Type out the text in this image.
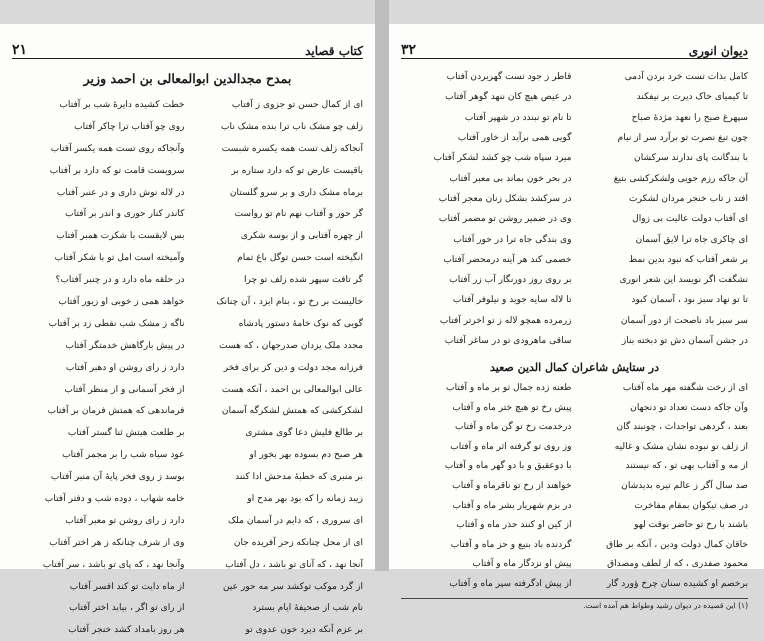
کتاب قصاید
۲۱
بمدح مجدالدین ابوالمعالی بن احمد وزیر
ای از کمال حسن تو جزوی ز آفتاب
خطت کشیده دایرهٔ شب بر آفتاب
زلف چو مشک ناب ترا بنده مشک ناب
روی چو آفتاب ترا چاکر آفتاب
آنجاکه زلف تست همه یکسره شبست
وآنجاکه روی تست همه یکسر آفتاب
باقیست عارض تو که دارد ستاره بر
سرویست قامت تو که دارد بر آفتاب
برماه مشک داری و بر سرو گلستان
در لاله نوش داری و در عنبر آفتاب
گر حور و آفتاب نهم نام تو رواست
کاندر کنار حوری و اندر بر آفتاب
از چهره آفتابی و از بوسه شکری
بس لایقست با شکرت همبر آفتاب
انگیخته است حسن توگل باغ تمام
وآمیخته است امل تو با شکر آفتاب
گر تافت سپهر شده زلف تو چرا
در حلقه ماه دارد و در چنبر آفتاب؟
خالیست بر رخ تو ، بنام ایزد ، آن چنانک
خواهد همی ز خوبی او زیور آفتاب
گویی که نوک خامهٔ دستور پادشاه
ناگه ز مشک شب نقطی زد بر آفتاب
مجدد ملک یزدان صدرجهان ، که هست
در پیش بارگاهش خدمتگر آفتاب
فرزانه مجد دولت و دین کز برای فخر
دارد ز رای روشن او دهبر آفتاب
عالی ابوالمعالی بن احمد ، آنکه هست
از فخر آسمانی و از منظر آفتاب
لشکرکشی که همتش لشکرگه آسمان
فرماندهی که همتش فرمان بر آفتاب
بر طالع فلیش دعا گوی مشتری
بر طلعت هیتش ثنا گستر آفتاب
هر صبح دم بسوده بهر بخور او
عود سیاه شب را بر مجمر آفتاب
بر منبری که خطبهٔ مدحش ادا کنند
بوسد ز روی فخر پایهٔ آن منبر آفتاب
زیبد زمانه را که بود بهر مدح او
خامه شهاب ، دوده شب و دفتر آفتاب
ای سروری ، که دایم در آسمان ملک
دارد ز رای روشن تو معبر آفتاب
ای از محل چنانکه زحر آفریده جان
وی از شرف چنانکه ز هر اختر آفتاب
آنجا نهد ، که آنای تو باشد ، دل آفتاب
وآنجا نهد ، که پای تو باشد ، سر آفتاب
از گرد موکب توکشد سر مه حور عین
از ماه دایت تو کند افسر آفتاب
نام شب از صحیفهٔ ایام بسترد
از رای تو اگر ، بیابد اختر آفتاب
بر عزم آنکه دیرد خون عدوی تو
هر روز بامداد کشد خنجر آفتاب
دیوان انوری
۳۲
کامل بذات تست خرد بردن آدمی
قاطر ز جود تست گهربردن آفتاب
تا کیمیای خاک دیرت بر نیفکند
در عیص هیچ کان ننهد گوهر آفتاب
سپهرغ صبح را نعهد مژدهٔ صباح
تا نام تو نبندد در شهپر آفتاب
چون تیغ نصرت تو برآرد سر از نیام
گویی همی برآید از خاور آفتاب
با بندگانت پای ندارند سرکشان
میرد سپاه شب چو کشد لشکر آفتاب
آن جاکه رزم جویی ولشکرکشی بتیغ
در بحر خون بماند بی معبر آفتاب
افتد ز تاب خنجر مردان لشکرت
در سرکشد بشکل زنان معجر آفتاب
ای آفتاب دولت عالیت بی زوال
وی در ضمیر روشن تو مضمر آفتاب
ای چاکری جاه ترا لایق آسمان
وی بندگی جاه ترا در خور آفتاب
بر شعر آفتاب که نبود بدین نمط
خصمی کند هر آینه درمحضر آفتاب
نشگفت اگر نویسد این شعر انوری
بر روی روز دورنگار آب زر آفتاب
تا تو نهاد سبز بود ، آسمان کبود
تا لاله سایه جوید و نیلوفر آفتاب
سر سبز باد ناصحت از دور آسمان
زرمرده همچو لاله ز تو اخرتر آفتاب
در جشن آسمان دش تو دبخته بناز
ساقی ماهرودی تو در ساغر آفتاب
در ستایش شاعران کمال الدین صعید
ای از رخت شگفته مهر ماه آفتاب
طعنه زده جمال تو بر ماه و آفتاب
وآن جاکه دست تعداد تو دنجهان
پیش رخ تو هیچ ختر ماه و آفتاب
بعند ، گردهی تواجداث ، چونبند گان
درخدمت رخ تو گن ماه و آفتاب
از زلف تو نبوده نشان مشک و غالیه
وز روی تو گرفته اثر ماه و آفتاب
از مه و آفتاب بهی تو ، که نیستند
با دوعقیق و با دو گهر ماه و آفتاب
صد سال آگر ز عالم تیره بدیدشان
خواهند از رخ تو ناقرماه و آفتاب
در صف تیکوان بمقام مفاخرت
در بزم شهریار بشر ماه و آفتاب
باشند با رخ تو حاضر بوقت لهو
از کین او کنند حذر ماه و آفتاب
خاقان کمال دولت ودین ، آنکه بر طاق
گردنده باد بنیع و حز ماه و آفتاب
محمود صفدری ، که از لطف ومصداق
پیش او نزدگار ماه و آفتاب
برخصم او کشیده سنان چرخ ؤورد گار
از پیش ادگرفته سپر ماه و آفتاب
(۱) این قصیده در دیوان رشید وطواط هم آمده است.
